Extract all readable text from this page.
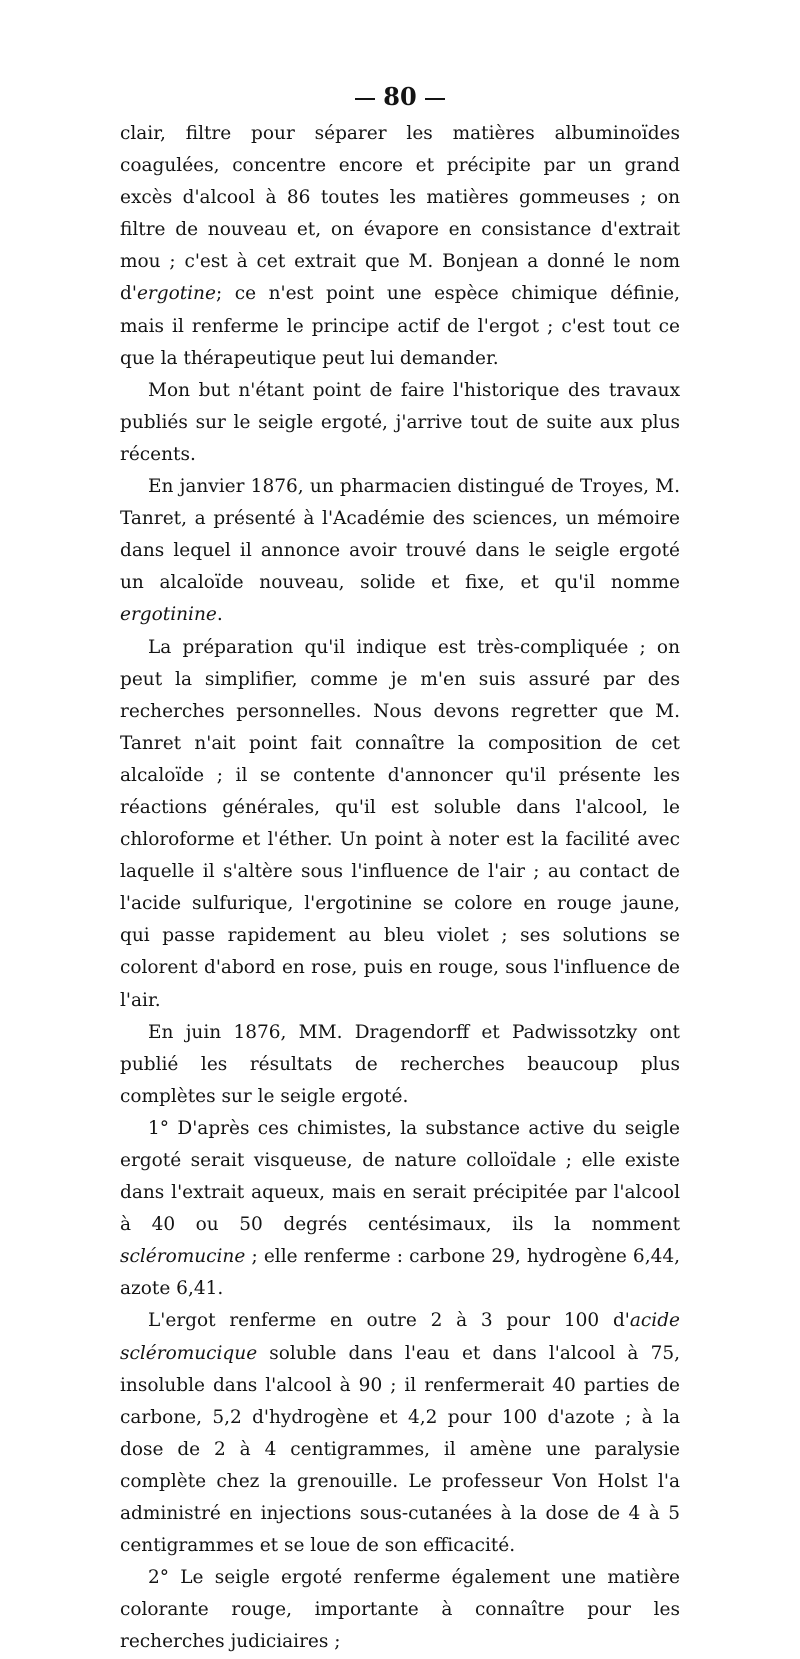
80

clair, filtre pour séparer les matières albuminoïdes coagulées, concentre encore et précipite par un grand excès d'alcool à 86 toutes les matières gommeuses ; on filtre de nouveau et, on évapore en consistance d'extrait mou ; c'est à cet extrait que M. Bonjean a donné le nom d'ergotine; ce n'est point une espèce chimique définie, mais il renferme le principe actif de l'ergot ; c'est tout ce que la thérapeutique peut lui demander.

Mon but n'étant point de faire l'historique des travaux publiés sur le seigle ergoté, j'arrive tout de suite aux plus récents.

En janvier 1876, un pharmacien distingué de Troyes, M. Tanret, a présenté à l'Académie des sciences, un mémoire dans lequel il annonce avoir trouvé dans le seigle ergoté un alcaloïde nouveau, solide et fixe, et qu'il nomme ergotinine.

La préparation qu'il indique est très-compliquée ; on peut la simplifier, comme je m'en suis assuré par des recherches personnelles. Nous devons regretter que M. Tanret n'ait point fait connaître la composition de cet alcaloïde ; il se contente d'annoncer qu'il présente les réactions générales, qu'il est soluble dans l'alcool, le chloroforme et l'éther. Un point à noter est la facilité avec laquelle il s'altère sous l'influence de l'air ; au contact de l'acide sulfurique, l'ergotinine se colore en rouge jaune, qui passe rapidement au bleu violet ; ses solutions se colorent d'abord en rose, puis en rouge, sous l'influence de l'air.

En juin 1876, MM. Dragendorff et Padwissotzky ont publié les résultats de recherches beaucoup plus complètes sur le seigle ergoté.

1° D'après ces chimistes, la substance active du seigle ergoté serait visqueuse, de nature colloïdale ; elle existe dans l'extrait aqueux, mais en serait précipitée par l'alcool à 40 ou 50 degrés centésimaux, ils la nomment scléromucine ; elle renferme : carbone 29, hydrogène 6,44, azote 6,41.

L'ergot renferme en outre 2 à 3 pour 100 d'acide scléromucique soluble dans l'eau et dans l'alcool à 75, insoluble dans l'alcool à 90 ; il renfermerait 40 parties de carbone, 5,2 d'hydrogène et 4,2 pour 100 d'azote ; à la dose de 2 à 4 centigrammes, il amène une paralysie complète chez la grenouille. Le professeur Von Holst l'a administré en injections sous-cutanées à la dose de 4 à 5 centigrammes et se loue de son efficacité.

2° Le seigle ergoté renferme également une matière colorante rouge, importante à connaître pour les recherches judiciaires ;
